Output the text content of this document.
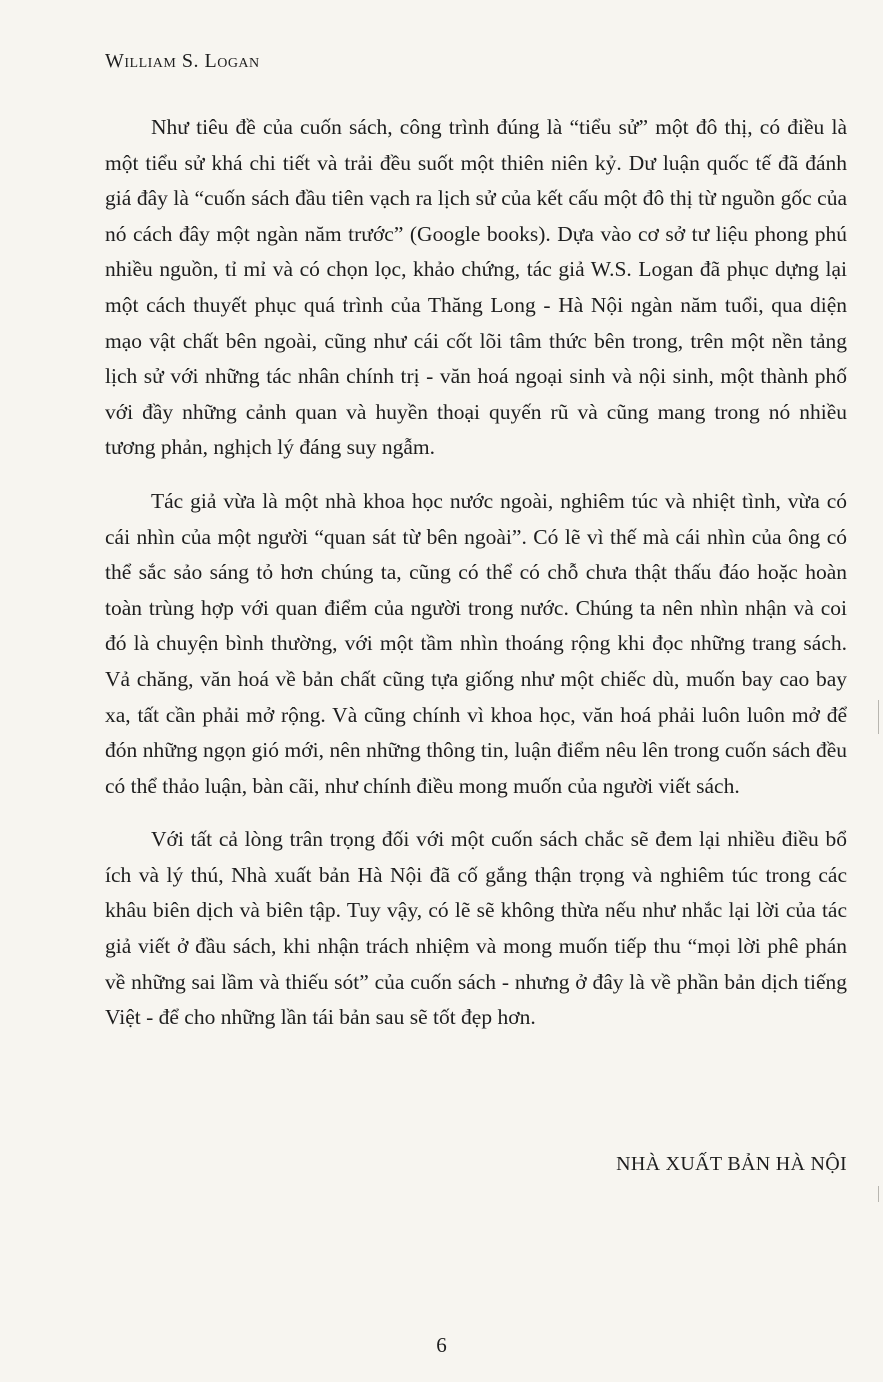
William S. Logan

Như tiêu đề của cuốn sách, công trình đúng là “tiểu sử” một đô thị, có điều là một tiểu sử khá chi tiết và trải đều suốt một thiên niên kỷ. Dư luận quốc tế đã đánh giá đây là “cuốn sách đầu tiên vạch ra lịch sử của kết cấu một đô thị từ nguồn gốc của nó cách đây một ngàn năm trước” (Google books). Dựa vào cơ sở tư liệu phong phú nhiều nguồn, tỉ mỉ và có chọn lọc, khảo chứng, tác giả W.S. Logan đã phục dựng lại một cách thuyết phục quá trình của Thăng Long - Hà Nội ngàn năm tuổi, qua diện mạo vật chất bên ngoài, cũng như cái cốt lõi tâm thức bên trong, trên một nền tảng lịch sử với những tác nhân chính trị - văn hoá ngoại sinh và nội sinh, một thành phố với đầy những cảnh quan và huyền thoại quyến rũ và cũng mang trong nó nhiều tương phản, nghịch lý đáng suy ngẫm.

Tác giả vừa là một nhà khoa học nước ngoài, nghiêm túc và nhiệt tình, vừa có cái nhìn của một người “quan sát từ bên ngoài”. Có lẽ vì thế mà cái nhìn của ông có thể sắc sảo sáng tỏ hơn chúng ta, cũng có thể có chỗ chưa thật thấu đáo hoặc hoàn toàn trùng hợp với quan điểm của người trong nước. Chúng ta nên nhìn nhận và coi đó là chuyện bình thường, với một tầm nhìn thoáng rộng khi đọc những trang sách. Vả chăng, văn hoá về bản chất cũng tựa giống như một chiếc dù, muốn bay cao bay xa, tất cần phải mở rộng. Và cũng chính vì khoa học, văn hoá phải luôn luôn mở để đón những ngọn gió mới, nên những thông tin, luận điểm nêu lên trong cuốn sách đều có thể thảo luận, bàn cãi, như chính điều mong muốn của người viết sách.

Với tất cả lòng trân trọng đối với một cuốn sách chắc sẽ đem lại nhiều điều bổ ích và lý thú, Nhà xuất bản Hà Nội đã cố gắng thận trọng và nghiêm túc trong các khâu biên dịch và biên tập. Tuy vậy, có lẽ sẽ không thừa nếu như nhắc lại lời của tác giả viết ở đầu sách, khi nhận trách nhiệm và mong muốn tiếp thu “mọi lời phê phán về những sai lầm và thiếu sót” của cuốn sách - nhưng ở đây là về phần bản dịch tiếng Việt - để cho những lần tái bản sau sẽ tốt đẹp hơn.

NHÀ XUẤT BẢN HÀ NỘI
6
